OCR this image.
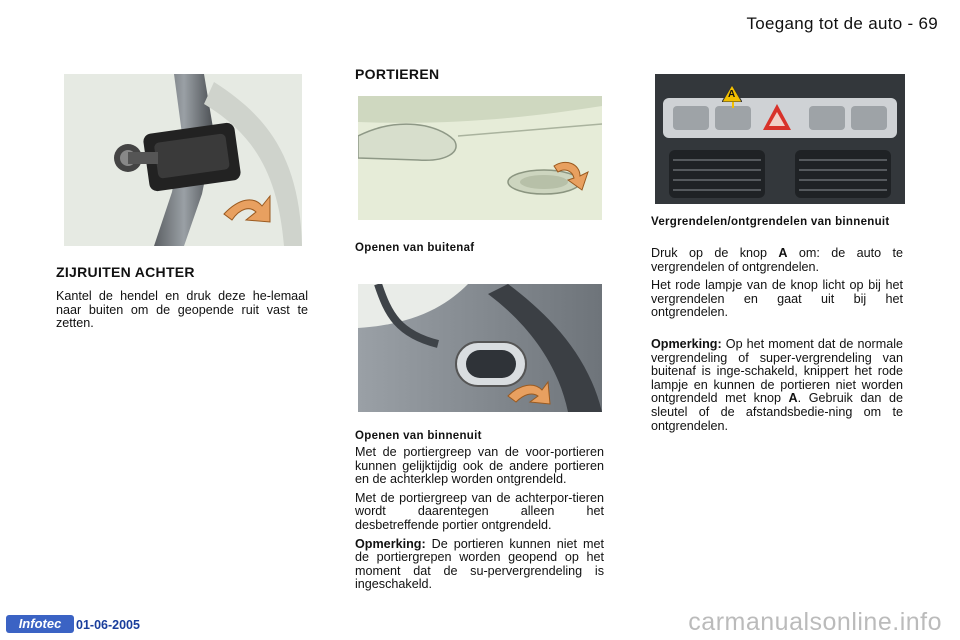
Toegang tot de auto - 69
ZIJRUITEN ACHTER
Kantel de hendel en druk deze he-lemaal naar buiten om de geopende ruit vast te zetten.
PORTIEREN
Openen van buitenaf
Openen van binnenuit

Met de portiergreep van de voor-portieren kunnen gelijktijdig ook de andere portieren en de achterklep worden ontgrendeld.

Met de portiergreep van de achterpor-tieren wordt daarentegen alleen het desbetreffende portier ontgrendeld.

Opmerking: De portieren kunnen niet met de portiergrepen worden geopend op het moment dat de su-pervergrendeling is ingeschakeld.

A
Vergrendelen/ontgrendelen van binnenuit

Druk op de knop A om: de auto te vergrendelen of ontgrendelen.

Het rode lampje van de knop licht op bij het vergrendelen en gaat uit bij het ontgrendelen.

Opmerking: Op het moment dat de normale vergrendeling of super-vergrendeling van buitenaf is inge-schakeld, knippert het rode lampje en kunnen de portieren niet worden ontgrendeld met knop A. Gebruik dan de sleutel of de afstandsbedie-ning om te ontgrendelen.

Infotec	01-06-2005	carmanualsonline.info
